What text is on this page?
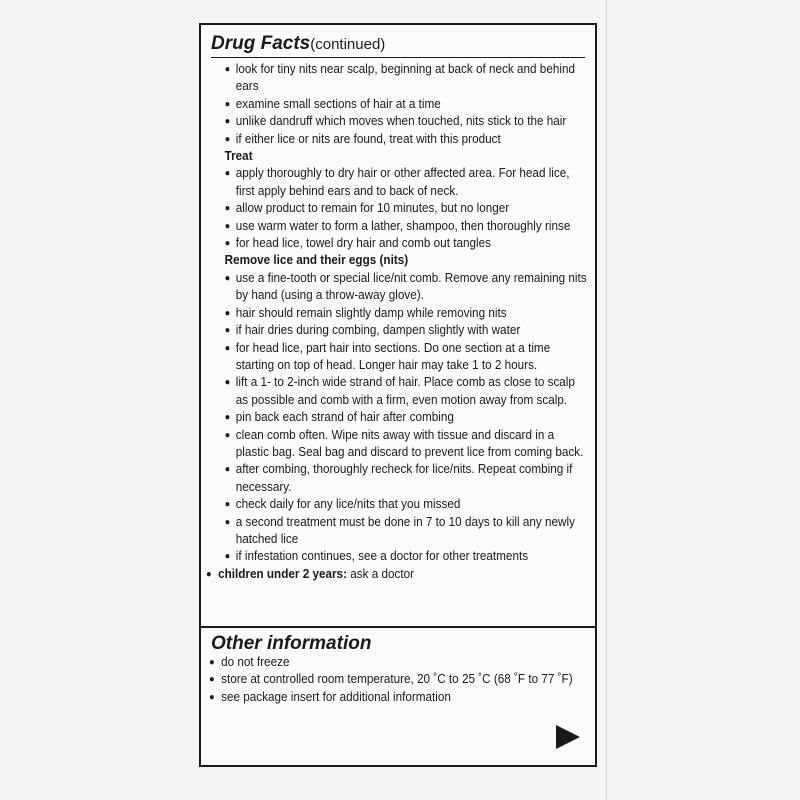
Drug Facts(continued)

● look for tiny nits near scalp, beginning at back of neck and behind ears
● examine small sections of hair at a time
● unlike dandruff which moves when touched, nits stick to the hair
● if either lice or nits are found, treat with this product
Treat
● apply thoroughly to dry hair or other affected area. For head lice, first apply behind ears and to back of neck.
● allow product to remain for 10 minutes, but no longer
● use warm water to form a lather, shampoo, then thoroughly rinse
● for head lice, towel dry hair and comb out tangles
Remove lice and their eggs (nits)
● use a fine-tooth or special lice/nit comb. Remove any remaining nits by hand (using a throw-away glove).
● hair should remain slightly damp while removing nits
● if hair dries during combing, dampen slightly with water
● for head lice, part hair into sections. Do one section at a time starting on top of head. Longer hair may take 1 to 2 hours.
● lift a 1- to 2-inch wide strand of hair. Place comb as close to scalp as possible and comb with a firm, even motion away from scalp.
● pin back each strand of hair after combing
● clean comb often. Wipe nits away with tissue and discard in a plastic bag. Seal bag and discard to prevent lice from coming back.
● after combing, thoroughly recheck for lice/nits. Repeat combing if necessary.
● check daily for any lice/nits that you missed
● a second treatment must be done in 7 to 10 days to kill any newly hatched lice
● if infestation continues, see a doctor for other treatments
● children under 2 years: ask a doctor

Other information

● do not freeze
● store at controlled room temperature, 20 ˚C to 25 ˚C (68 ˚F to 77 ˚F)
● see package insert for additional information
